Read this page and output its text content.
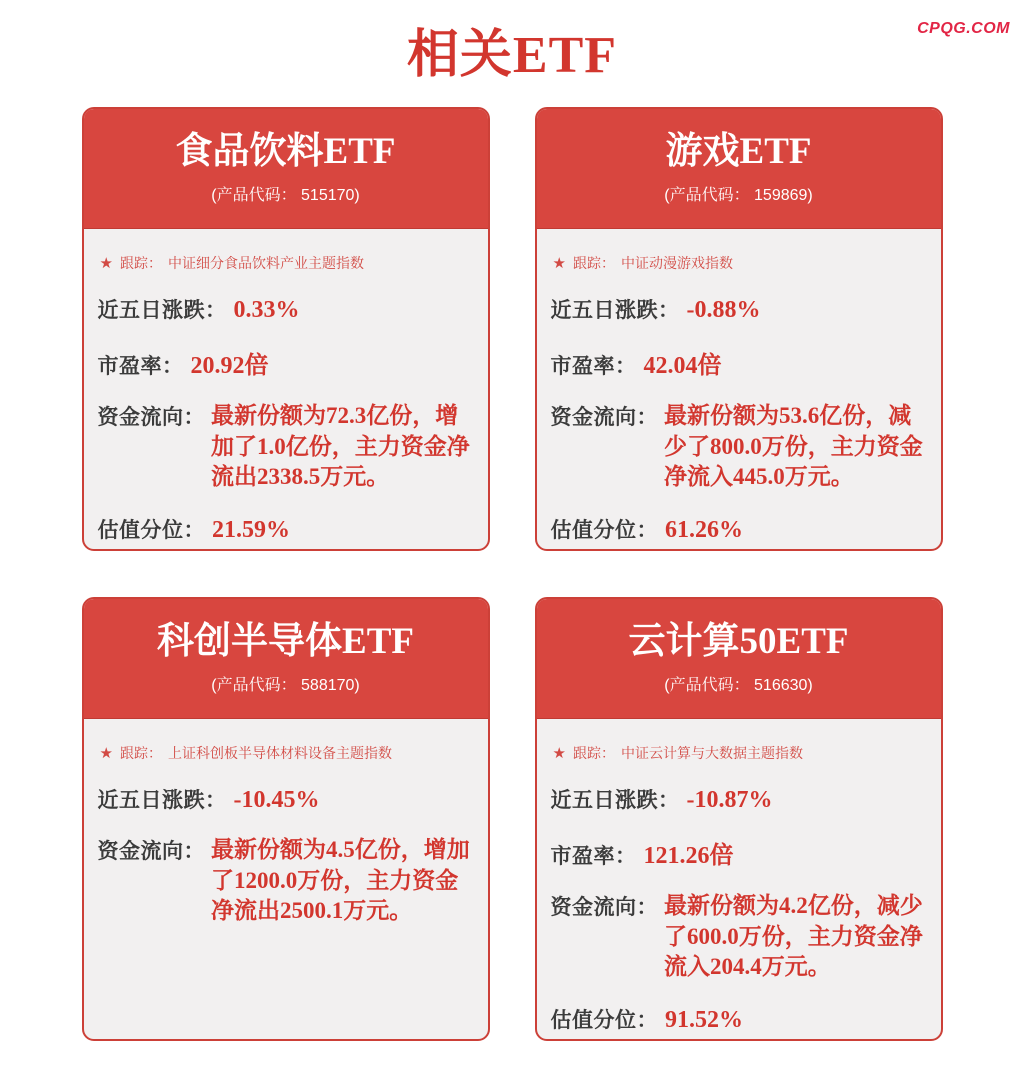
CPQG.COM
相关ETF
食品饮料ETF
(产品代码： 515170)
★ 跟踪： 中证细分食品饮料产业主题指数
近五日涨跌： 0.33%
市盈率： 20.92倍
资金流向： 最新份额为72.3亿份，增加了1.0亿份，主力资金净流出2338.5万元。
估值分位： 21.59%
游戏ETF
(产品代码： 159869)
★ 跟踪： 中证动漫游戏指数
近五日涨跌： -0.88%
市盈率： 42.04倍
资金流向： 最新份额为53.6亿份，减少了800.0万份，主力资金净流入445.0万元。
估值分位： 61.26%
科创半导体ETF
(产品代码： 588170)
★ 跟踪： 上证科创板半导体材料设备主题指数
近五日涨跌： -10.45%
资金流向： 最新份额为4.5亿份，增加了1200.0万份，主力资金净流出2500.1万元。
云计算50ETF
(产品代码： 516630)
★ 跟踪： 中证云计算与大数据主题指数
近五日涨跌： -10.87%
市盈率： 121.26倍
资金流向： 最新份额为4.2亿份，减少了600.0万份，主力资金净流入204.4万元。
估值分位： 91.52%
